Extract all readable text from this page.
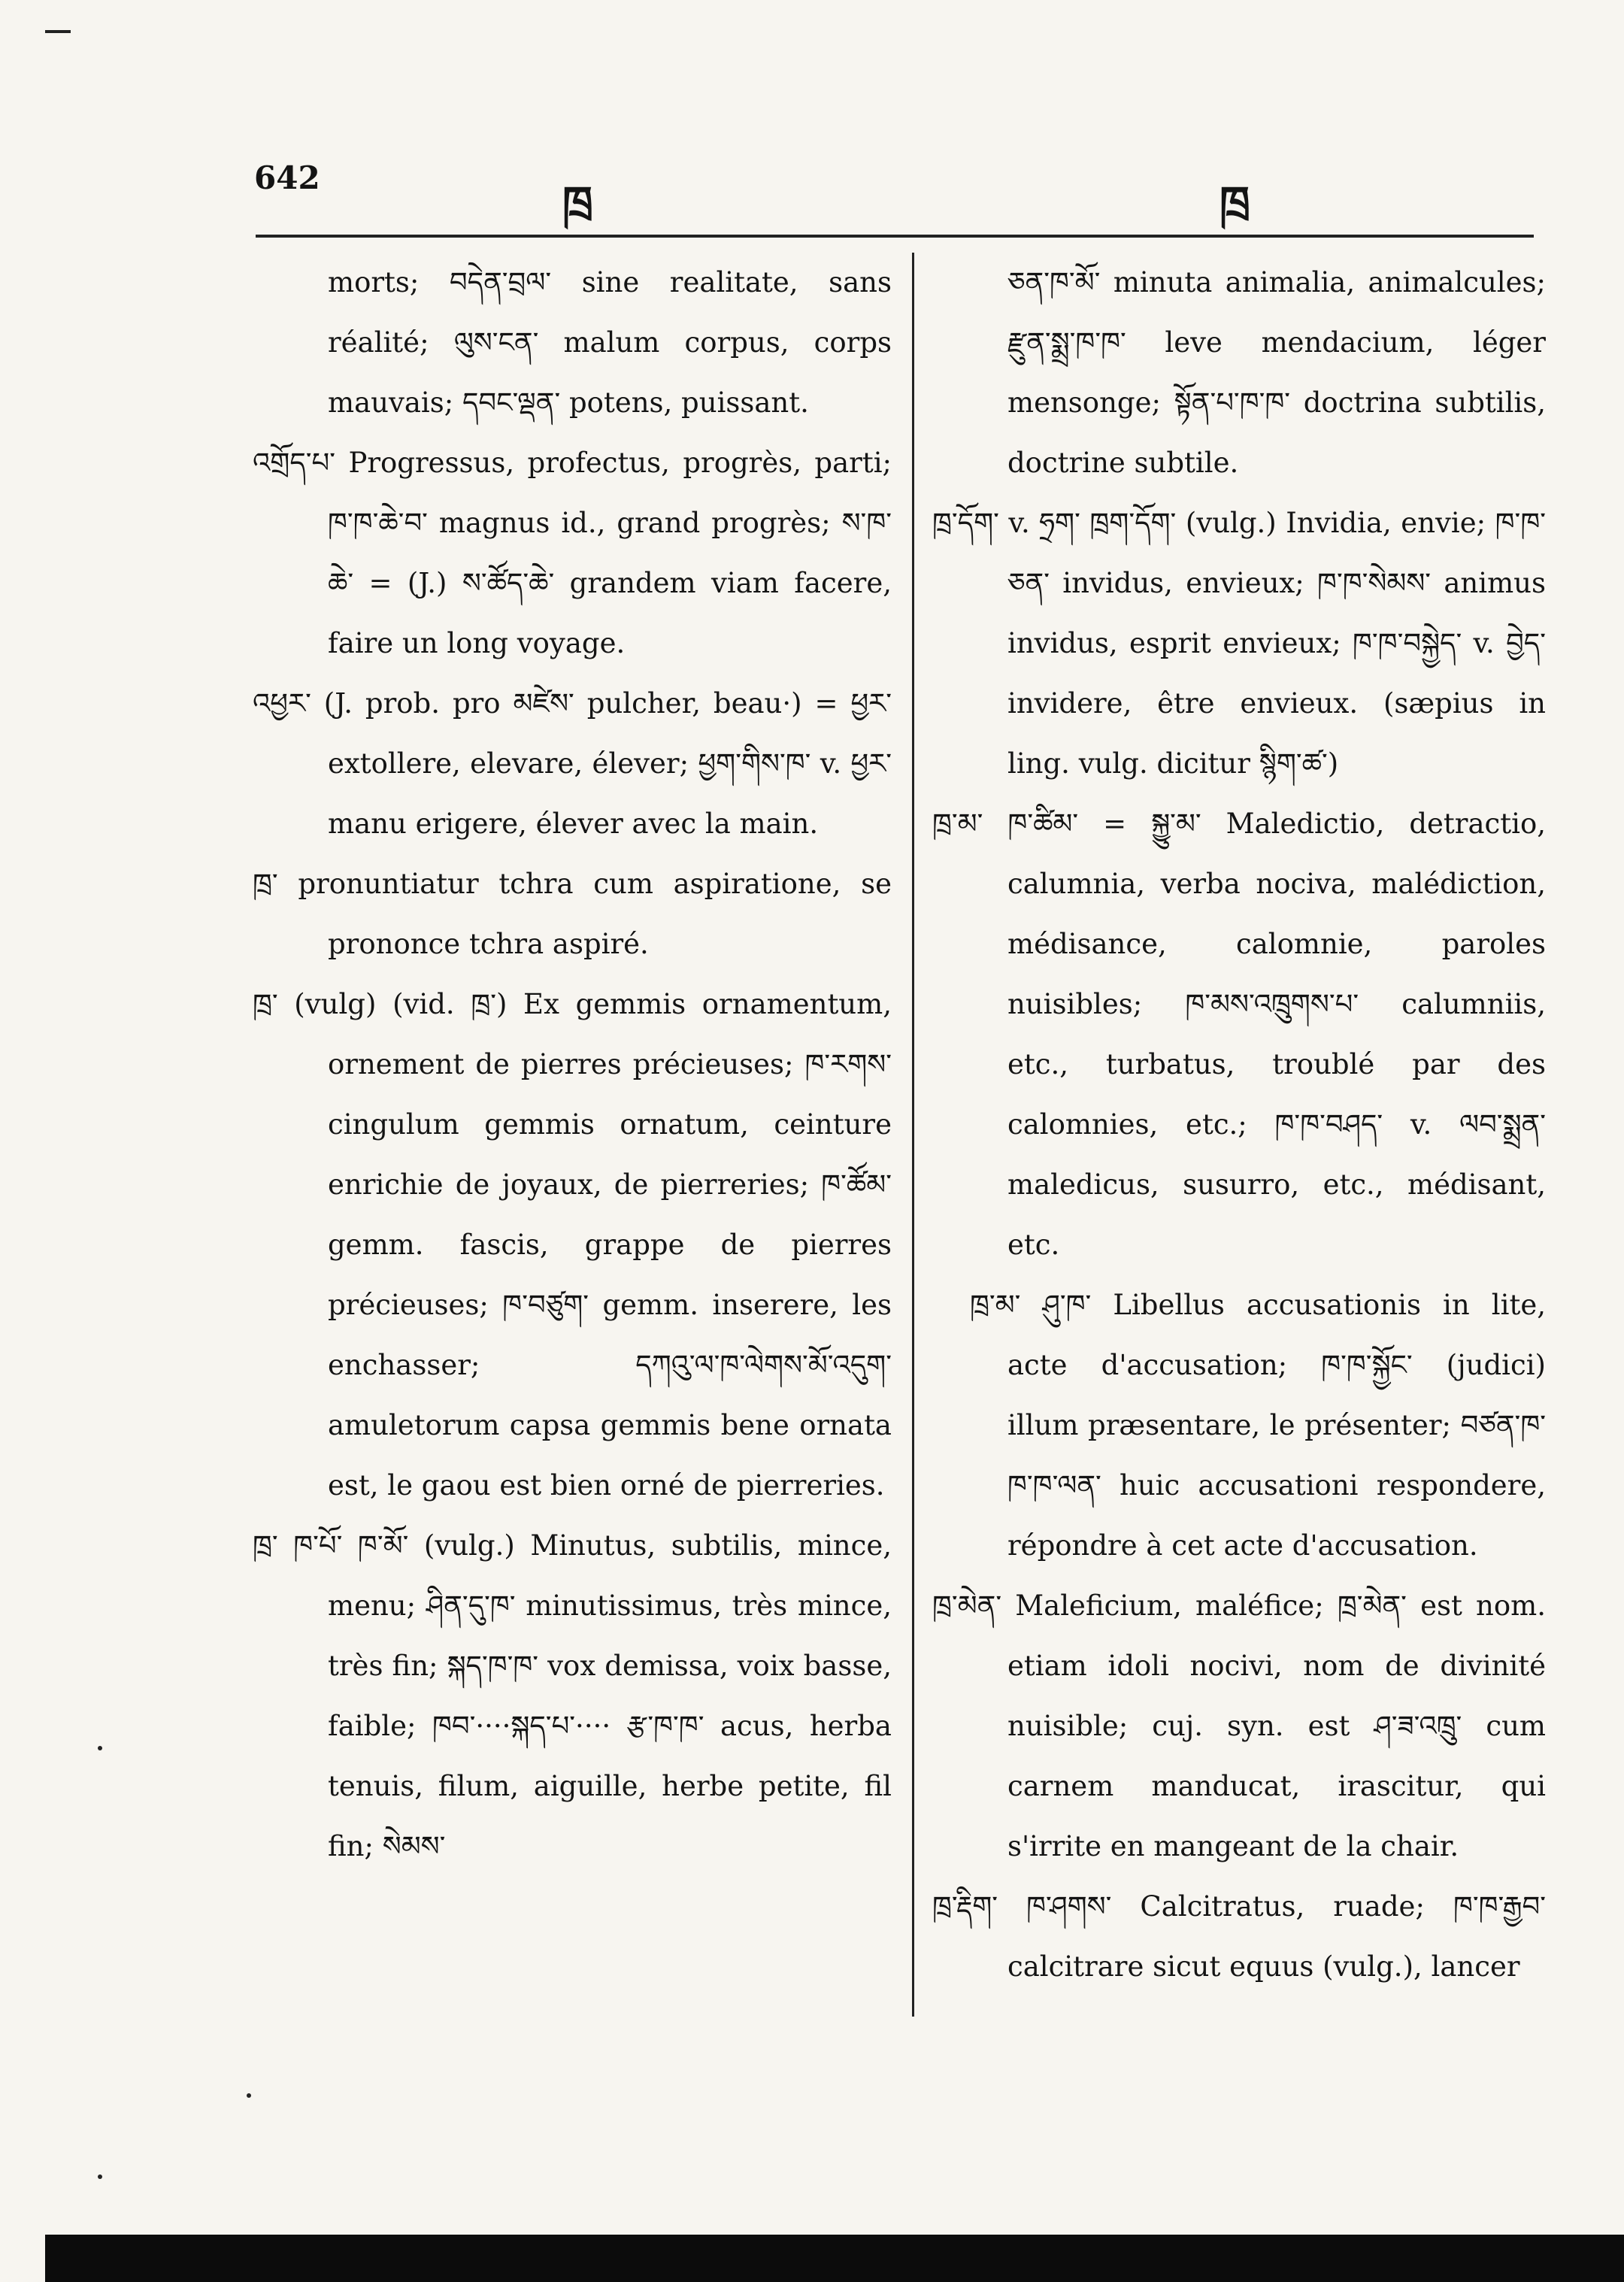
642	ཁྲ	ཁྲ

morts; བདེན་བྲལ་ sine realitate, sans réalité; ལུས་ངན་ malum corpus, corps mauvais; དབང་ལྡན་ potens, puissant.

འགྲོད་པ་ Progressus, profectus, progrès, parti; ཁ་ཁ་ཆེ་བ་ magnus id., grand progrès; ས་ཁ་ཆེ་ = (J.) ས་ཚོད་ཆེ་ grandem viam facere, faire un long voyage.

འཕྱར་ (J. prob. pro མཛེས་ pulcher, beau·) = ཕྱར་ extollere, elevare, élever; ཕྱག་གིས་ཁ་ v. ཕྱར་ manu erigere, élever avec la main.

ཁྲ་ pronuntiatur tchra cum aspiratione, se prononce tchra aspiré.

ཁྲ་ (vulg) (vid. ཁྲ་) Ex gemmis ornamentum, ornement de pierres précieuses; ཁ་རགས་ cingulum gemmis ornatum, ceinture enrichie de joyaux, de pierreries; ཁ་ཚོམ་ gemm. fascis, grappe de pierres précieuses; ཁ་བཙུག་ gemm. inserere, les enchasser; དཀའུ་ལ་ཁ་ལེགས་མོ་འདུག་ amuletorum capsa gemmis bene ornata est, le gaou est bien orné de pierreries.

ཁྲ་ ཁ་པོ་ ཁ་མོ་ (vulg.) Minutus, subtilis, mince, menu; ཤིན་དུ་ཁ་ minutissimus, très mince, très fin; སྐད་ཁ་ཁ་ vox demissa, voix basse, faible; ཁབ་····སྐད་པ་···· རྩ་ཁ་ཁ་ acus, herba tenuis, filum, aiguille, herbe petite, fil fin; སེམས་

ཅན་ཁ་མོ་ minuta animalia, animalcules; རྫུན་སྨྲ་ཁ་ཁ་ leve mendacium, léger mensonge; སྟོན་པ་ཁ་ཁ་ doctrina subtilis, doctrine subtile.

ཁྲ་དོག་ v. ཧྲག་ ཁྲག་དོག་ (vulg.) Invidia, envie; ཁ་ཁ་ཅན་ invidus, envieux; ཁ་ཁ་སེམས་ animus invidus, esprit envieux; ཁ་ཁ་བསྐྱེད་ v. བྱེད་ invidere, être envieux. (sæpius in ling. vulg. dicitur སྙིག་ཚ་)

ཁྲ་མ་ ཁ་ཚིམ་ = སྐྱུ་མ་ Maledictio, detractio, calumnia, verba nociva, malédiction, médisance, calomnie, paroles nuisibles; ཁ་མས་འཁྲུགས་པ་ calumniis, etc., turbatus, troublé par des calomnies, etc.; ཁ་ཁ་བཤད་ v. ལབ་སྨྲན་ maledicus, susurro, etc., médisant, etc.

ཁྲ་མ་ ཤུ་ཁ་ Libellus accusationis in lite, acte d'accusation; ཁ་ཁ་སྐྱོང་ (judici) illum præsentare, le présenter; བཙན་ཁ་ ཁ་ཁ་ལན་ huic accusationi respondere, répondre à cet acte d'accusation.

ཁྲ་མེན་ Maleficium, maléfice; ཁྲ་མེན་ est nom. etiam idoli nocivi, nom de divinité nuisible; cuj. syn. est ཤ་ཟ་འཁྲུ་ cum carnem manducat, irascitur, qui s'irrite en mangeant de la chair.

ཁྲ་རྡིག་ ཁ་ཤགས་ Calcitratus, ruade; ཁ་ཁ་རྒྱབ་ calcitrare sicut equus (vulg.), lancer
